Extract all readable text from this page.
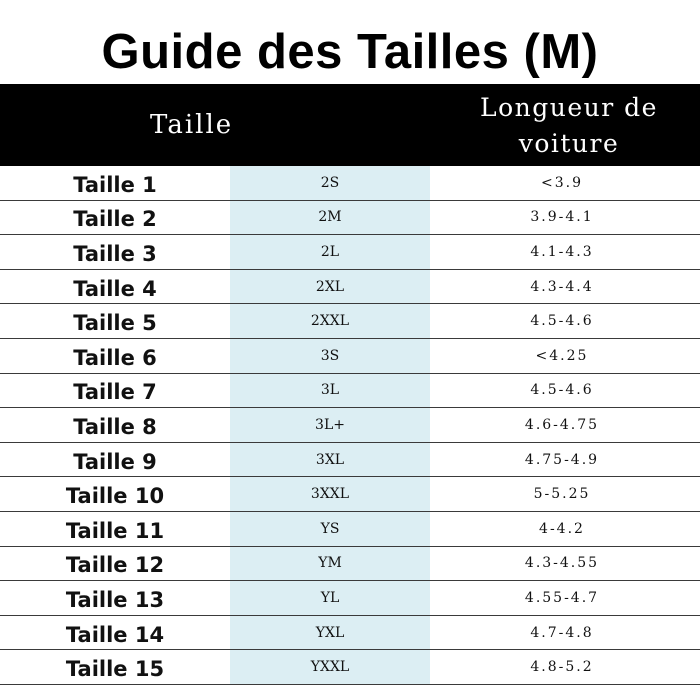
Guide des Tailles (M)
Taille
Longueur de
voiture
Taille 1	2S	<3.9
Taille 2	2M	3.9-4.1
Taille 3	2L	4.1-4.3
Taille 4	2XL	4.3-4.4
Taille 5	2XXL	4.5-4.6
Taille 6	3S	<4.25
Taille 7	3L	4.5-4.6
Taille 8	3L+	4.6-4.75
Taille 9	3XL	4.75-4.9
Taille 10	3XXL	5-5.25
Taille 11	YS	4-4.2
Taille 12	YM	4.3-4.55
Taille 13	YL	4.55-4.7
Taille 14	YXL	4.7-4.8
Taille 15	YXXL	4.8-5.2
